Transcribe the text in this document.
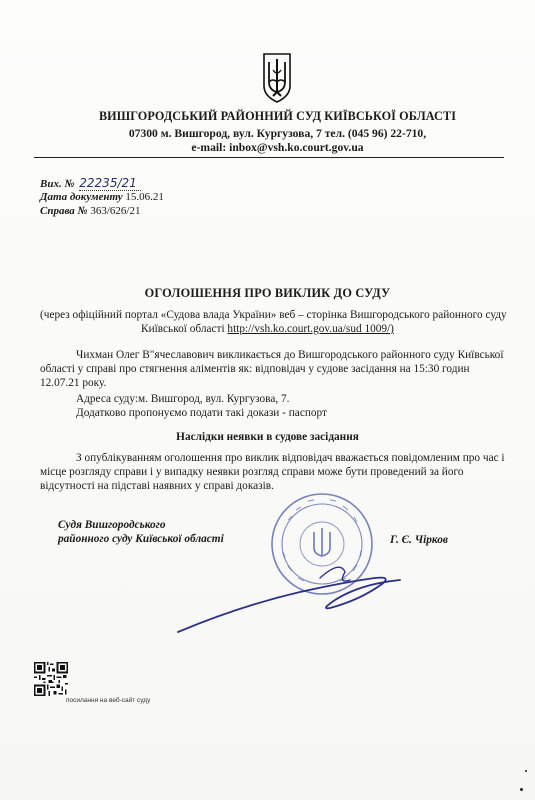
ВИШГОРОДСЬКИЙ РАЙОННИЙ СУД КИЇВСЬКОЇ ОБЛАСТІ
07300 м. Вишгород, вул. Кургузова, 7 тел. (045 96) 22-710,
e-mail: inbox@vsh.ko.court.gov.ua
Вих. № 22235/21
Дата документу 15.06.21
Справа № 363/626/21
ОГОЛОШЕННЯ ПРО ВИКЛИК ДО СУДУ
(через офіційний портал «Судова влада України» веб – сторінка Вишгородського районного суду
Київської області http://vsh.ko.court.gov.ua/sud 1009/)
Чихман Олег В"ячеславович викликається до Вишгородського районного суду Київської
області у справі про стягнення аліментів як: відповідач у судове засідання на 15:30 годин
12.07.21 року.
Адреса суду:м. Вишгород, вул. Кургузова, 7.
Додатково пропонуємо подати такі докази - паспорт
Наслідки неявки в судове засідання
З опублікуванням оголошення про виклик відповідач вважається повідомленим про час і
місце розгляду справи і у випадку неявки розгляд справи може бути проведений за його
відсутності на підставі наявних у справі доказів.
Судя Вишгородського
районного суду Київської області	Г. Є. Чірков
посилання на веб-сайт суду
